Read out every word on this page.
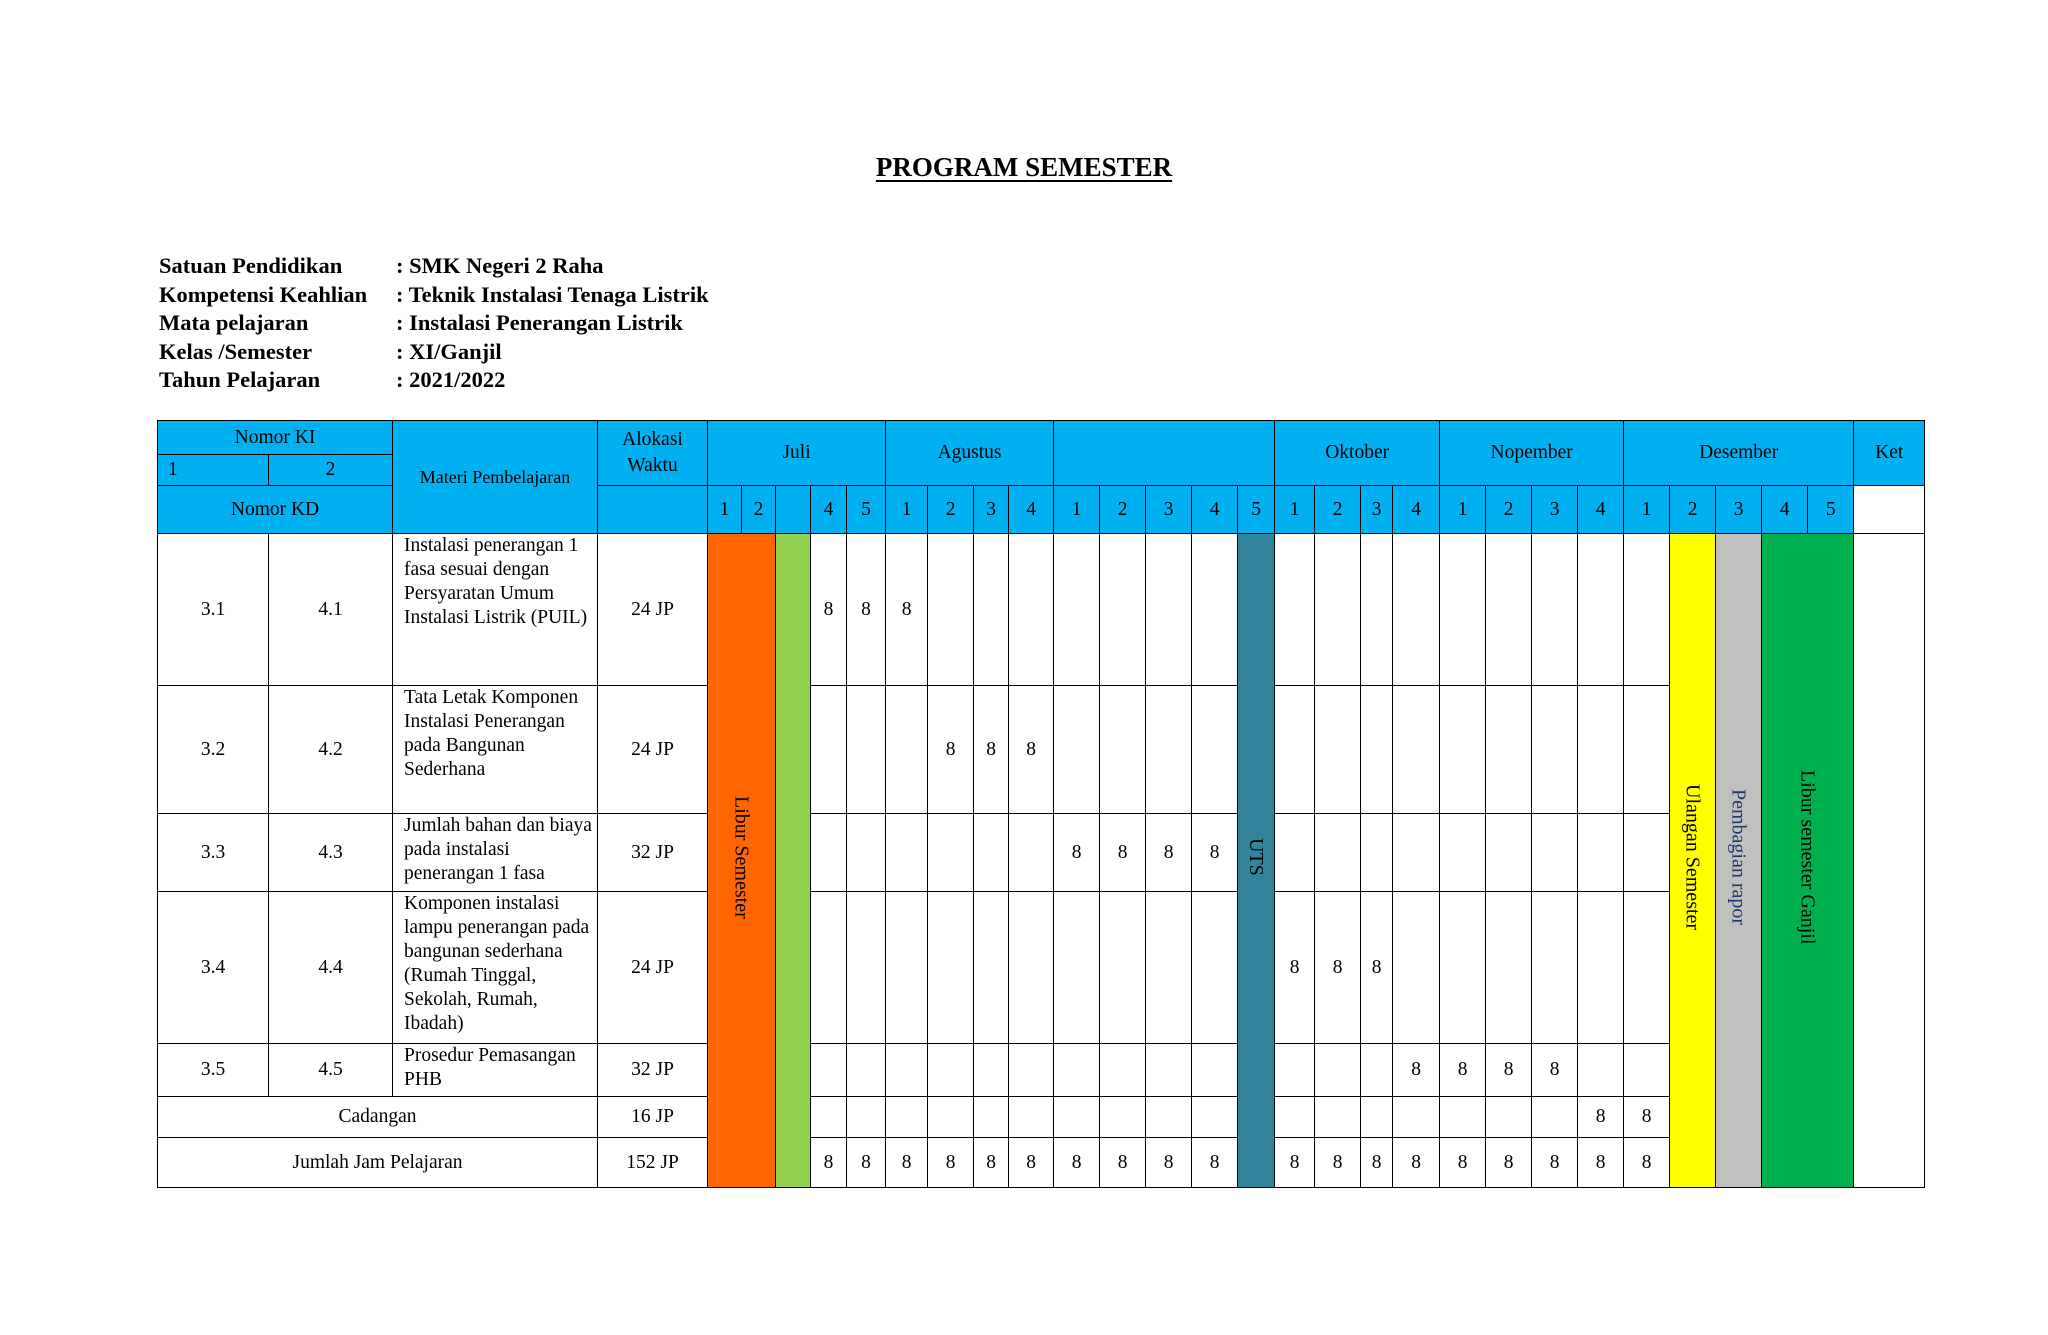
PROGRAM SEMESTER
Satuan Pendidikan	: SMK Negeri 2 Raha
Kompetensi Keahlian	: Teknik Instalasi Tenaga Listrik
Mata pelajaran	: Instalasi Penerangan Listrik
Kelas /Semester	: XI/Ganjil
Tahun Pelajaran	: 2021/2022
Nomor KI		Materi Pembelajaran	Alokasi Waktu	Juli					Agustus									Oktober				Nopember				Desember					Ket
1	2																														
Nomor KD				1	2		4	5	1	2	3	4	1	2	3	4	5	1	2	3	4	1	2	3	4	1	2	3	4	5	
3.1	4.1	Instalasi penerangan 1 fasa sesuai dengan Persyaratan Umum Instalasi Listrik (PUIL)	24 JP	Libur Semester			8	8	8								UTS										Ulangan Semester	Pembagian rapor	Libur semester Ganjil		
3.2	4.2	Tata Letak Komponen Instalasi Penerangan pada Bangunan Sederhana	24 JP							8	8	8																			
3.3	4.3	Jumlah bahan dan biaya pada instalasi penerangan 1 fasa	32 JP										8	8	8	8															
3.4	4.4	Komponen instalasi lampu penerangan pada bangunan sederhana (Rumah Tinggal, Sekolah, Rumah, Ibadah)	24 JP															8	8	8											
3.5	4.5	Prosedur Pemasangan PHB	32 JP																		8	8	8	8							
Cadangan			16 JP																						8	8					
Jumlah Jam Pelajaran			152 JP				8	8	8	8	8	8	8	8	8	8		8	8	8	8	8	8	8	8	8					
